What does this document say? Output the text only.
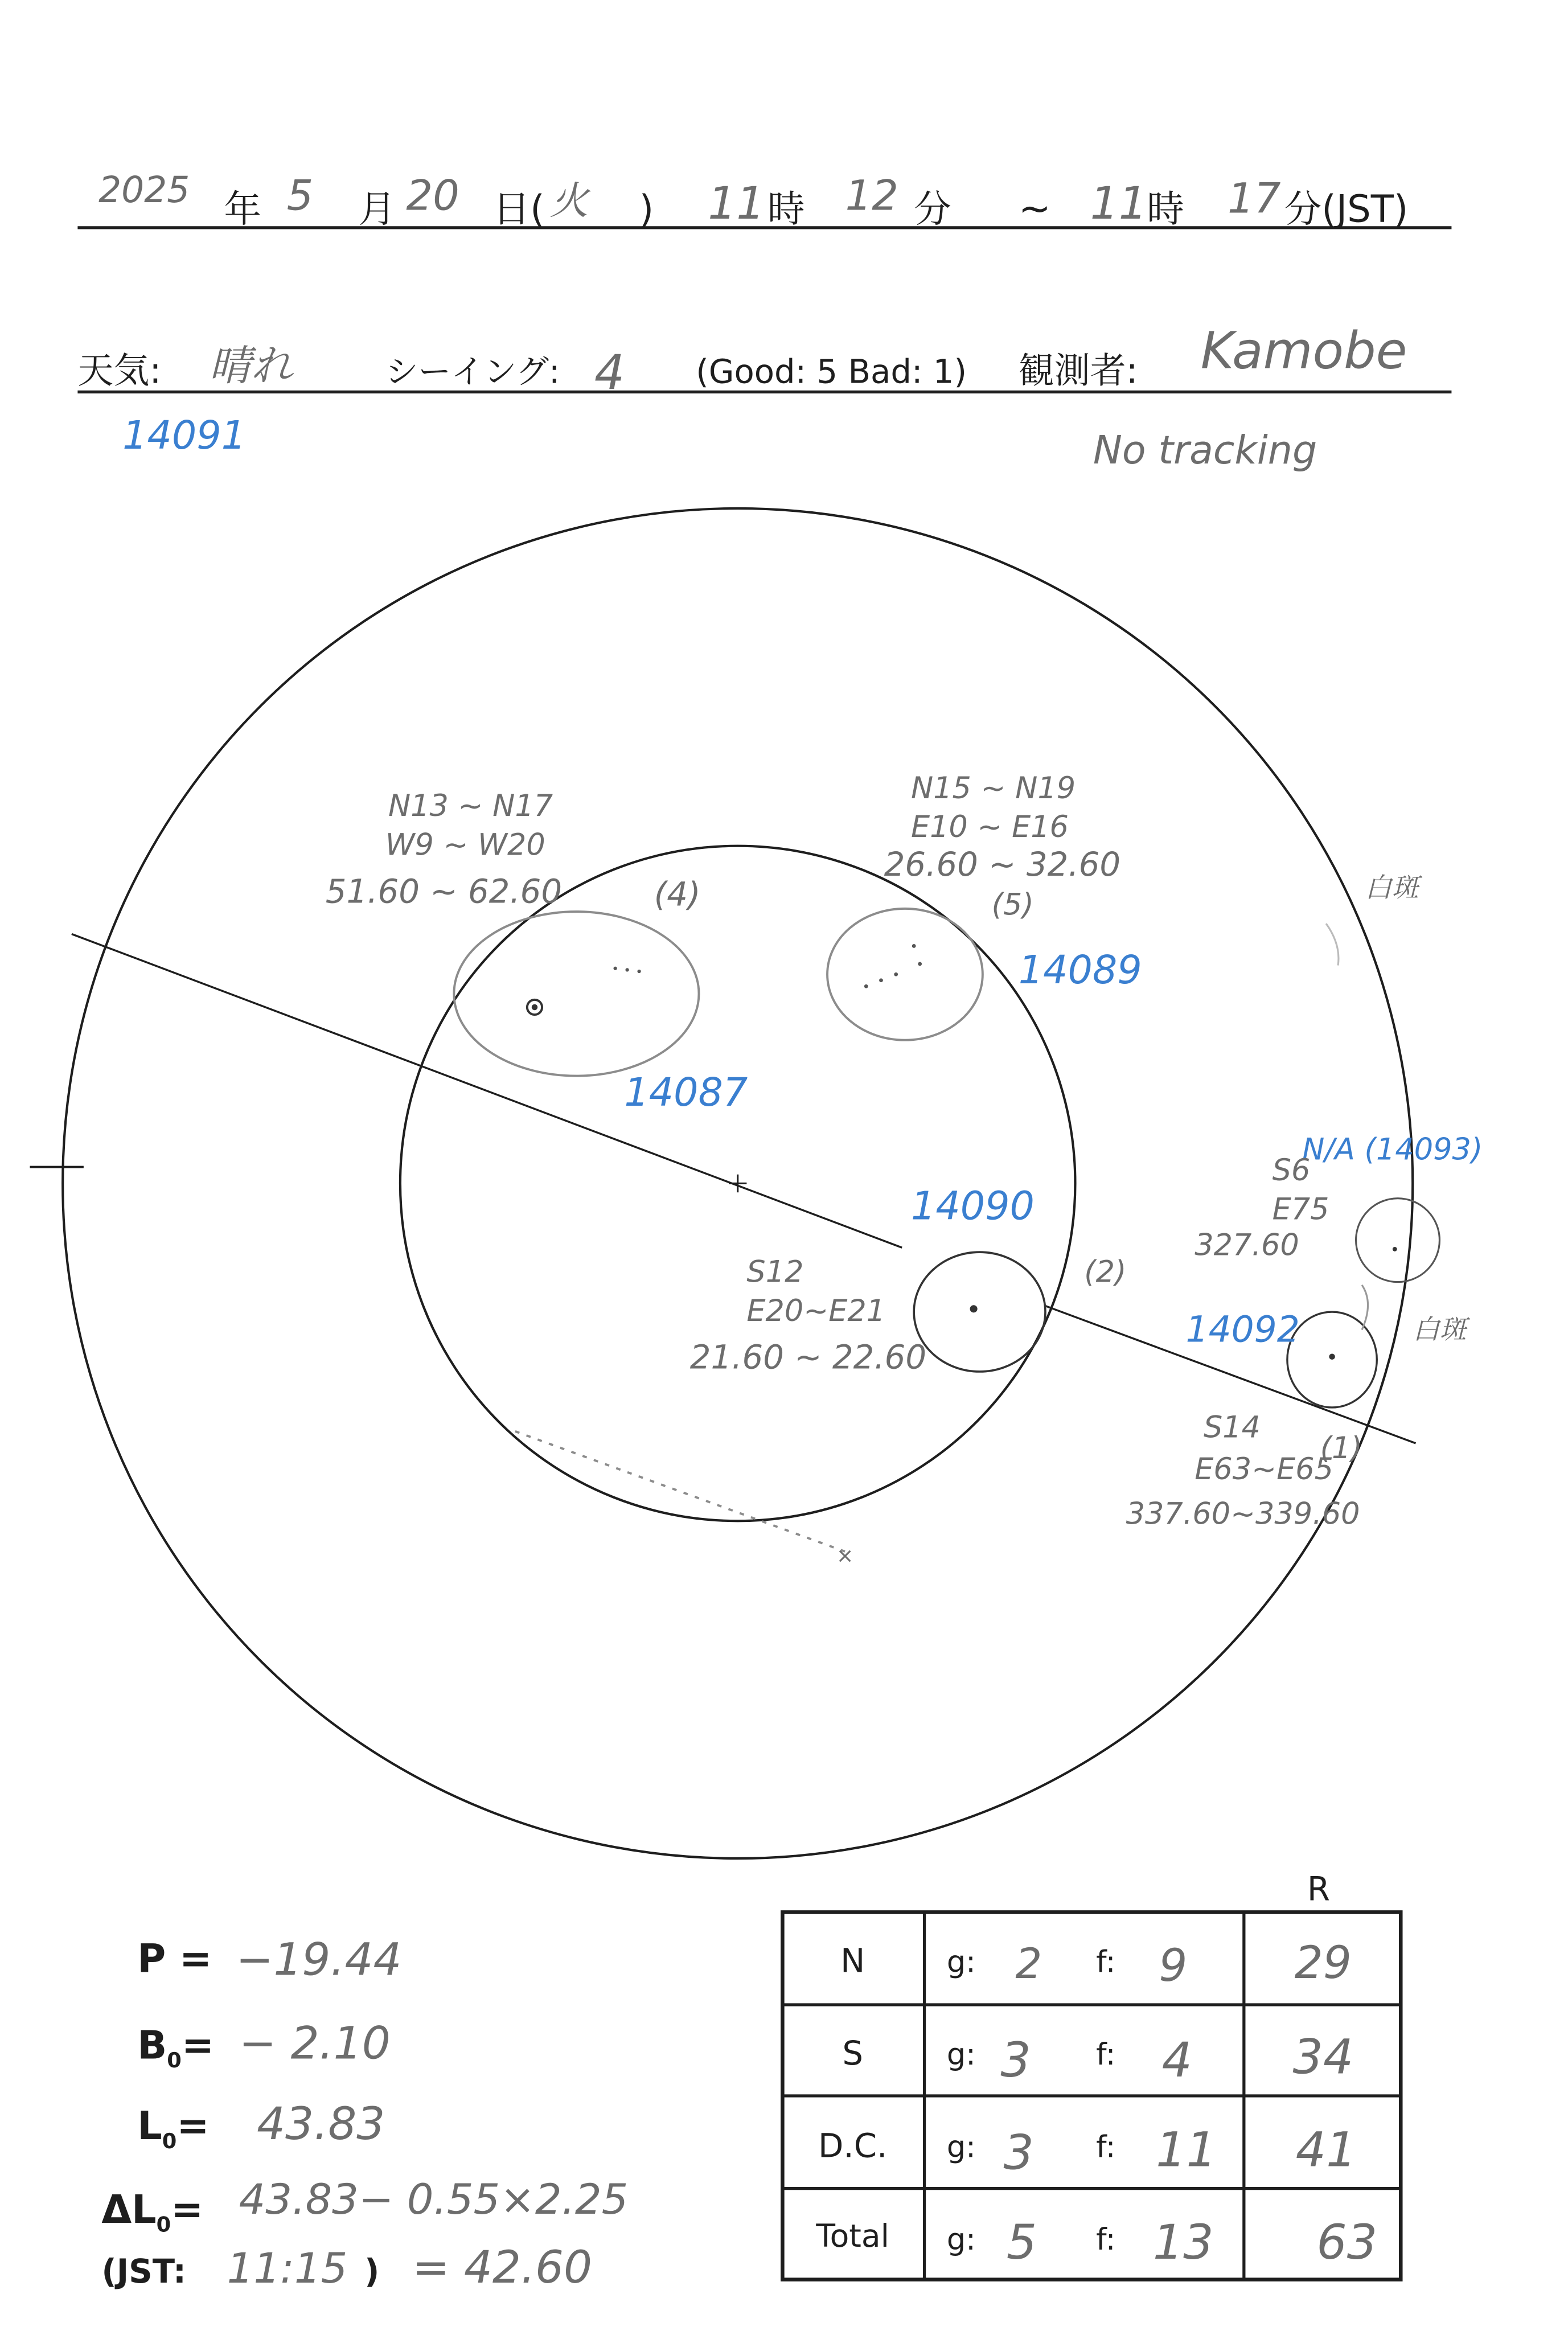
2025 年 5	月 20 日( 火	)	11 時	12 分	~ 11 時	17 分(JST)
天気:	晴れ	シーイング: 4	(Good: 5 Bad: 1)	観測者:	Kamobe
14091	No tracking
×
N13 ~ N17
W9 ~ W20
51.60 ~ 62.60	(4)
14087
N15 ~ N19
E10 ~ E16
26.60 ~ 32.60
(5)
14089
S12
E20~E21
21.60 ~ 22.60
(2)
14090
N/A (14093)
S6
E75
327.60
14092
S14
E63~E65
(1)
337.60~339.60
白斑
白斑
P = −19.44
$B_0= - 2.10$
$L_0=$	43.83
$\Delta L_0= 43.83- 0.55\times 2.25$
(JST:	11:15 ) = 42.60
R
N	g: 2	f:	9	29
S	g: 3	f:	4	34
D.C.	g: 3	f: 11	41
Total	g: 5	f: 13	63
